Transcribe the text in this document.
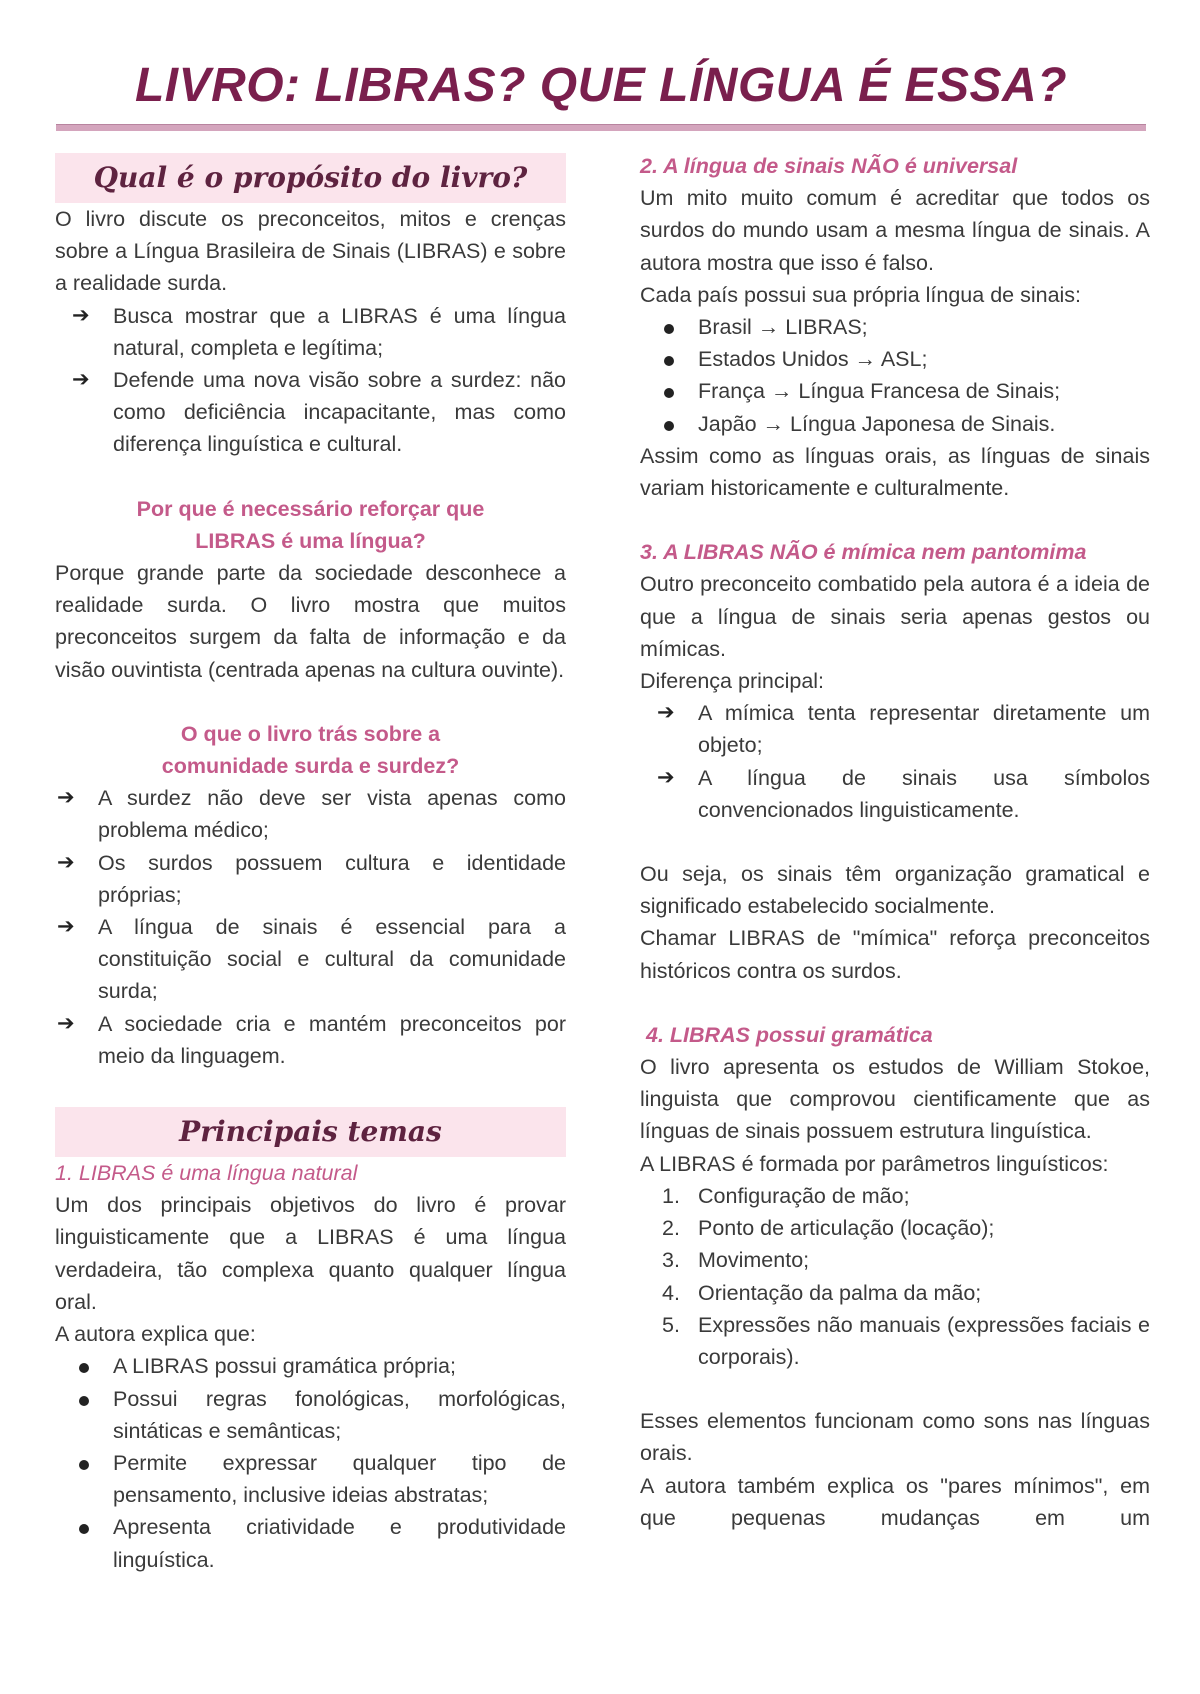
LIVRO: LIBRAS? QUE LÍNGUA É ESSA?
Qual é o propósito do livro?

O livro discute os preconceitos, mitos e crenças sobre a Língua Brasileira de Sinais (LIBRAS) e sobre a realidade surda.

➔ Busca mostrar que a LIBRAS é uma língua natural, completa e legítima;
➔ Defende uma nova visão sobre a surdez: não como deficiência incapacitante, mas como diferença linguística e cultural.

Por que é necessário reforçar que
LIBRAS é uma língua?

Porque grande parte da sociedade desconhece a realidade surda. O livro mostra que muitos preconceitos surgem da falta de informação e da visão ouvintista (centrada apenas na cultura ouvinte).

O que o livro trás sobre a
comunidade surda e surdez?

➔ A surdez não deve ser vista apenas como problema médico;
➔ Os surdos possuem cultura e identidade próprias;
➔ A língua de sinais é essencial para a constituição social e cultural da comunidade surda;
➔ A sociedade cria e mantém preconceitos por meio da linguagem.
Principais temas

1. LIBRAS é uma língua natural

Um dos principais objetivos do livro é provar linguisticamente que a LIBRAS é uma língua verdadeira, tão complexa quanto qualquer língua oral.

A autora explica que:

A LIBRAS possui gramática própria;
Possui regras fonológicas, morfológicas, sintáticas e semânticas;
Permite expressar qualquer tipo de pensamento, inclusive ideias abstratas;
Apresenta criatividade e produtividade linguística.

2. A língua de sinais NÃO é universal

Um mito muito comum é acreditar que todos os surdos do mundo usam a mesma língua de sinais. A autora mostra que isso é falso.

Cada país possui sua própria língua de sinais:

Brasil → LIBRAS;
Estados Unidos → ASL;
França → Língua Francesa de Sinais;
Japão → Língua Japonesa de Sinais.

Assim como as línguas orais, as línguas de sinais variam historicamente e culturalmente.

3. A LIBRAS NÃO é mímica nem pantomima

Outro preconceito combatido pela autora é a ideia de que a língua de sinais seria apenas gestos ou mímicas.

Diferença principal:

➔ A mímica tenta representar diretamente um objeto;
➔ A língua de sinais usa símbolos convencionados linguisticamente.

Ou seja, os sinais têm organização gramatical e significado estabelecido socialmente.

Chamar LIBRAS de "mímica" reforça preconceitos históricos contra os surdos.

4. LIBRAS possui gramática

O livro apresenta os estudos de William Stokoe, linguista que comprovou cientificamente que as línguas de sinais possuem estrutura linguística.

A LIBRAS é formada por parâmetros linguísticos:

1. Configuração de mão;
2. Ponto de articulação (locação);
3. Movimento;
4. Orientação da palma da mão;
5. Expressões não manuais (expressões faciais e corporais).

Esses elementos funcionam como sons nas línguas orais.

A autora também explica os "pares mínimos", em que pequenas mudanças em um
